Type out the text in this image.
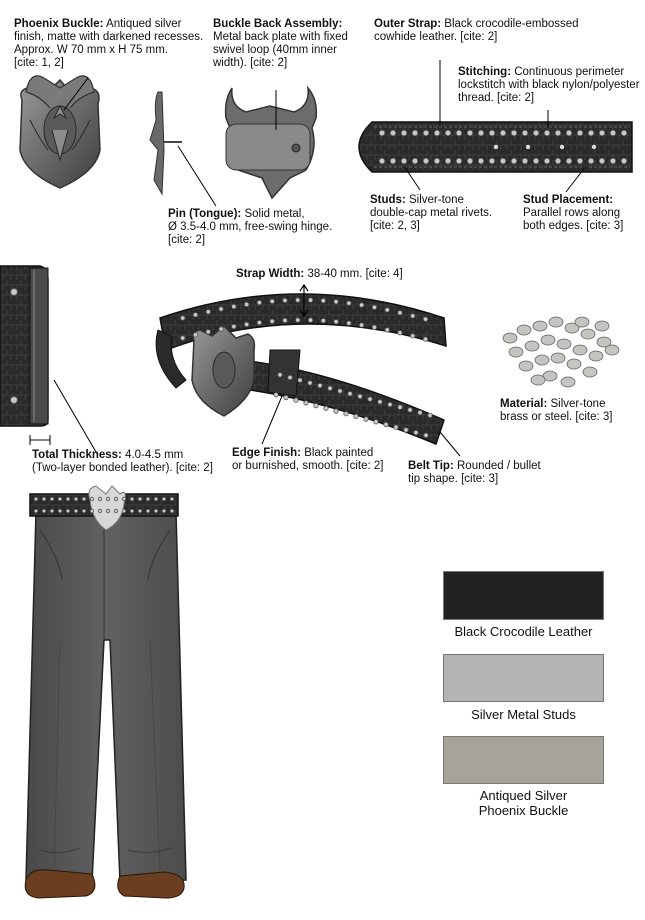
Phoenix Buckle: Antiqued silver
finish, matte with darkened recesses.
Approx. W 70 mm x H 75 mm.
[cite: 1, 2]
Buckle Back Assembly:
Metal back plate with fixed
swivel loop (40mm inner
width). [cite: 2]
Outer Strap: Black crocodile-embossed
cowhide leather. [cite: 2]
Stitching: Continuous perimeter
lockstitch with black nylon/polyester
thread. [cite: 2]
Pin (Tongue): Solid metal,
Ø 3.5-4.0 mm, free-swing hinge.
[cite: 2]
Studs: Silver-tone
double-cap metal rivets.
[cite: 2, 3]
Stud Placement:
Parallel rows along
both edges. [cite: 3]
Strap Width: 38-40 mm. [cite: 4]
Material: Silver-tone
brass or steel. [cite: 3]
Total Thickness: 4.0-4.5 mm
(Two-layer bonded leather). [cite: 2]
Edge Finish: Black painted
or burnished, smooth. [cite: 2] Belt Tip: Rounded / bullet
tip shape. [cite: 3]
Black Crocodile Leather
Silver Metal Studs
Antiqued Silver
Phoenix Buckle
